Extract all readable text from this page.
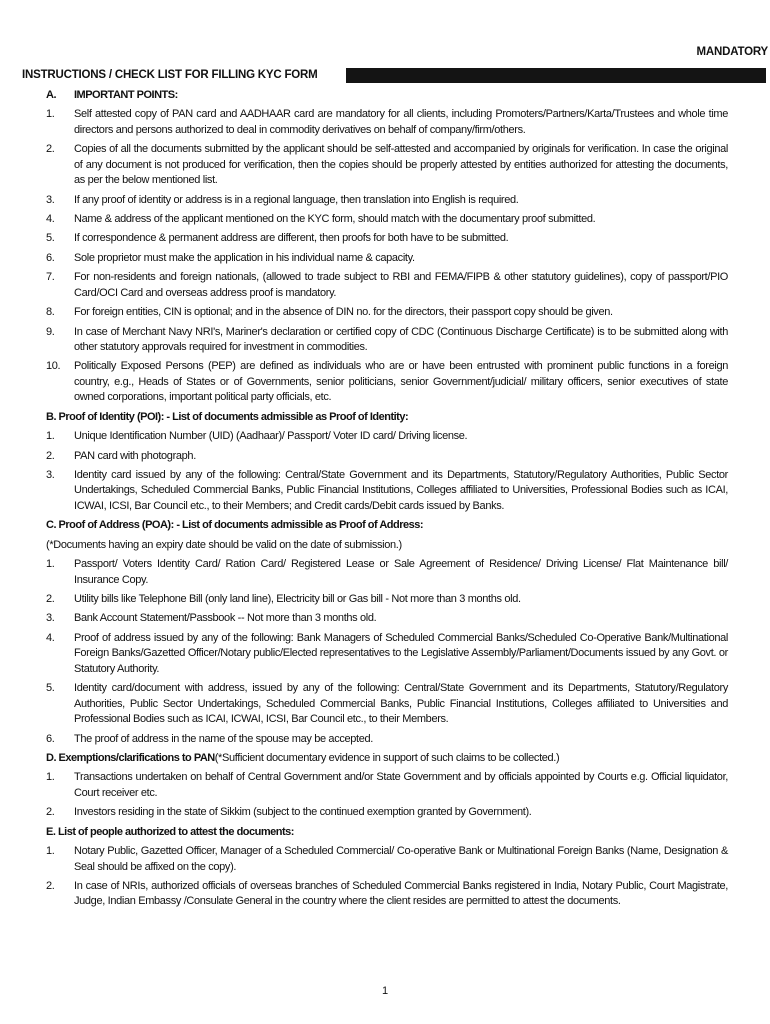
MANDATORY
INSTRUCTIONS / CHECK LIST FOR FILLING KYC FORM
A. IMPORTANT POINTS:
1. Self attested copy of PAN card and AADHAAR card are mandatory for all clients, including Promoters/Partners/Karta/Trustees and whole time directors and persons authorized to deal in commodity derivatives on behalf of company/firm/others.
2. Copies of all the documents submitted by the applicant should be self-attested and accompanied by originals for verification. In case the original of any document is not produced for verification, then the copies should be properly attested by entities authorized for attesting the documents, as per the below mentioned list.
3. If any proof of identity or address is in a regional language, then translation into English is required.
4. Name & address of the applicant mentioned on the KYC form, should match with the documentary proof submitted.
5. If correspondence & permanent address are different, then proofs for both have to be submitted.
6. Sole proprietor must make the application in his individual name & capacity.
7. For non-residents and foreign nationals, (allowed to trade subject to RBI and FEMA/FIPB & other statutory guidelines), copy of passport/PIO Card/OCI Card and overseas address proof is mandatory.
8. For foreign entities, CIN is optional; and in the absence of DIN no. for the directors, their passport copy should be given.
9. In case of Merchant Navy NRI's, Mariner's declaration or certified copy of CDC (Continuous Discharge Certificate) is to be submitted along with other statutory approvals required for investment in commodities.
10. Politically Exposed Persons (PEP) are defined as individuals who are or have been entrusted with prominent public functions in a foreign country, e.g., Heads of States or of Governments, senior politicians, senior Government/judicial/ military officers, senior executives of state owned corporations, important political party officials, etc.
B. Proof of Identity (POI): - List of documents admissible as Proof of Identity:
1. Unique Identification Number (UID) (Aadhaar)/ Passport/ Voter ID card/ Driving license.
2. PAN card with photograph.
3. Identity card issued by any of the following: Central/State Government and its Departments, Statutory/Regulatory Authorities, Public Sector Undertakings, Scheduled Commercial Banks, Public Financial Institutions, Colleges affiliated to Universities, Professional Bodies such as ICAI, ICWAI, ICSI, Bar Council etc., to their Members; and Credit cards/Debit cards issued by Banks.
C. Proof of Address (POA): - List of documents admissible as Proof of Address:
(*Documents having an expiry date should be valid on the date of submission.)
1. Passport/ Voters Identity Card/ Ration Card/ Registered Lease or Sale Agreement of Residence/ Driving License/ Flat Maintenance bill/ Insurance Copy.
2. Utility bills like Telephone Bill (only land line), Electricity bill or Gas bill - Not more than 3 months old.
3. Bank Account Statement/Passbook -- Not more than 3 months old.
4. Proof of address issued by any of the following: Bank Managers of Scheduled Commercial Banks/Scheduled Co-Operative Bank/Multinational Foreign Banks/Gazetted Officer/Notary public/Elected representatives to the Legislative Assembly/Parliament/Documents issued by any Govt. or Statutory Authority.
5. Identity card/document with address, issued by any of the following: Central/State Government and its Departments, Statutory/Regulatory Authorities, Public Sector Undertakings, Scheduled Commercial Banks, Public Financial Institutions, Colleges affiliated to Universities and Professional Bodies such as ICAI, ICWAI, ICSI, Bar Council etc., to their Members.
6. The proof of address in the name of the spouse may be accepted.
D. Exemptions/clarifications to PAN(*Sufficient documentary evidence in support of such claims to be collected.)
1. Transactions undertaken on behalf of Central Government and/or State Government and by officials appointed by Courts e.g. Official liquidator, Court receiver etc.
2. Investors residing in the state of Sikkim (subject to the continued exemption granted by Government).
E. List of people authorized to attest the documents:
1. Notary Public, Gazetted Officer, Manager of a Scheduled Commercial/ Co-operative Bank or Multinational Foreign Banks (Name, Designation & Seal should be affixed on the copy).
2. In case of NRIs, authorized officials of overseas branches of Scheduled Commercial Banks registered in India, Notary Public, Court Magistrate, Judge, Indian Embassy /Consulate General in the country where the client resides are permitted to attest the documents.
1
